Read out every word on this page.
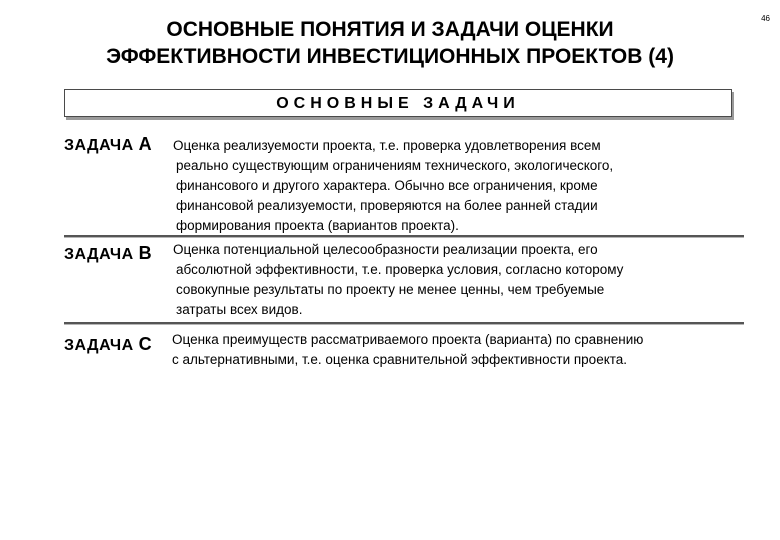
ОСНОВНЫЕ ПОНЯТИЯ И ЗАДАЧИ ОЦЕНКИ
ЭФФЕКТИВНОСТИ ИНВЕСТИЦИОННЫХ ПРОЕКТОВ (4)
46
ОСНОВНЫЕ ЗАДАЧИ
ЗАДАЧА А Оценка реализуемости проекта, т.е. проверка удовлетворения всем
реально существующим ограничениям технического, экологического,
финансового и другого характера. Обычно все ограничения, кроме
финансовой реализуемости, проверяются на более ранней стадии
формирования проекта (вариантов проекта).
ЗАДАЧА В Оценка потенциальной целесообразности реализации проекта, его
абсолютной эффективности, т.е. проверка условия, согласно которому
совокупные результаты по проекту не менее ценны, чем требуемые
затраты всех видов.
ЗАДАЧА С Оценка преимуществ рассматриваемого проекта (варианта) по сравнению
с альтернативными, т.е. оценка сравнительной эффективности проекта.
